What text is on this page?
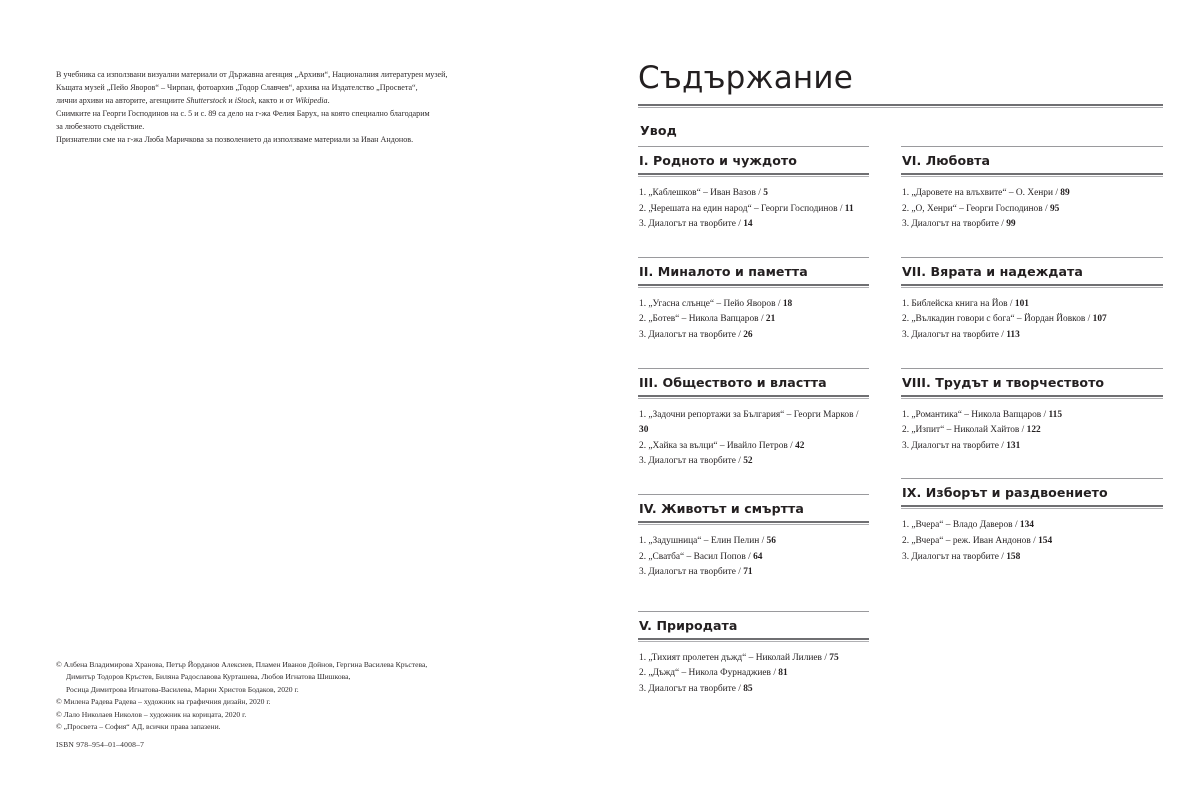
В учебника са използвани визуални материали от Държавна агенция „Архиви“, Националния литературен музей,

Къщата музей „Пейо Яворов“ – Чирпан, фотоархив „Тодор Славчев“, архива на Издателство „Просвета“,

лични архиви на авторите, агенциите Shutterstock и iStock, както и от Wikipedia.

Снимките на Георги Господинов на с. 5 и с. 89 са дело на г-жа Фелия Барух, на която специално благодарим

за любезното съдействие.

Признателни сме на г-жа Люба Маричкова за позволението да използваме материали за Иван Андонов.

© Албена Владимирова Хранова, Петър Йорданов Алексиев, Пламен Иванов Дойнов, Гергина Василева Кръстева,

Димитър Тодоров Кръстев, Биляна Радославова Курташева, Любов Игнатова Шишкова,

Росица Димитрова Игнатова-Василева, Марин Христов Бодаков, 2020 г.

© Милена Радева Радева – художник на графичния дизайн, 2020 г.

© Лало Николаев Николов – художник на корицата, 2020 г.

© „Просвета – София“ АД, всички права запазени.

ISBN 978–954–01–4008–7
Съдържание
Увод
I. Родното и чуждото

1. „Каблешков“ – Иван Вазов / 5

2. „Черешата на един народ“ – Георги Господинов / 11

3. Диалогът на творбите / 14

II. Миналото и паметта

1. „Угасна слънце“ – Пейо Яворов / 18

2. „Ботев“ – Никола Вапцаров / 21

3. Диалогът на творбите / 26

III. Обществото и властта

1. „Задочни репортажи за България“ – Георги Марков / 30

2. „Хайка за вълци“ – Ивайло Петров / 42

3. Диалогът на творбите / 52

IV. Животът и смъртта

1. „Задушница“ – Елин Пелин / 56

2. „Сватба“ – Васил Попов / 64

3. Диалогът на творбите / 71

V. Природата

1. „Тихият пролетен дъжд“ – Николай Лилиев / 75

2. „Дъжд“ – Никола Фурнаджиев / 81

3. Диалогът на творбите / 85

VI. Любовта

1. „Даровете на влъхвите“ – О. Хенри / 89

2. „О, Хенри“ – Георги Господинов / 95

3. Диалогът на творбите / 99

VII. Вярата и надеждата

1. Библейска книга на Йов / 101

2. „Вълкадин говори с бога“ – Йордан Йовков / 107

3. Диалогът на творбите / 113

VIII. Трудът и творчеството

1. „Романтика“ – Никола Вапцаров / 115

2. „Изпит“ – Николай Хайтов / 122

3. Диалогът на творбите / 131

IX. Изборът и раздвоението

1. „Вчера“ – Владо Даверов / 134

2. „Вчера“ – реж. Иван Андонов / 154

3. Диалогът на творбите / 158
